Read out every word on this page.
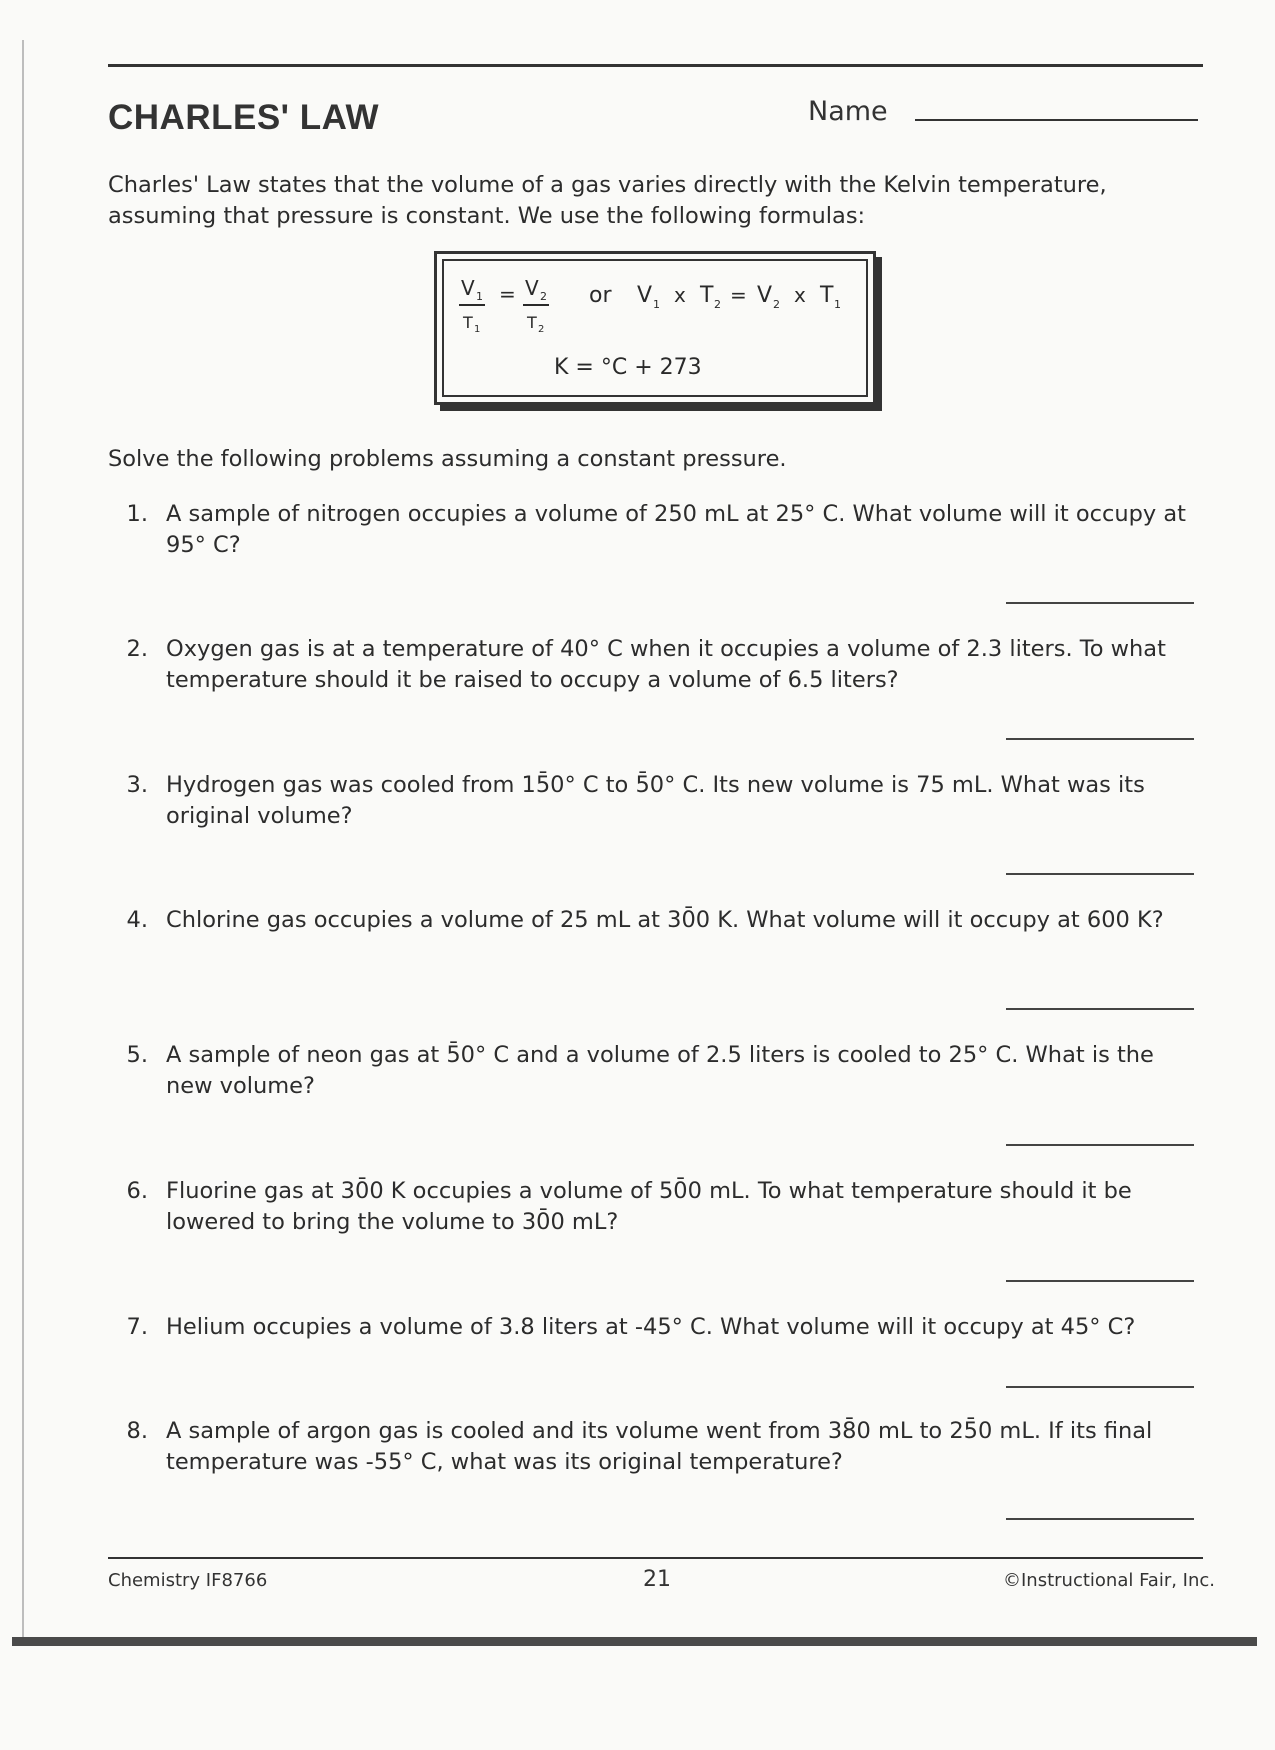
CHARLES' LAW	Name
Charles' Law states that the volume of a gas varies directly with the Kelvin temperature, assuming that pressure is constant. We use the following formulas:
V 1
T 1
= V 2
T 2
or V 1 x T 2 = V 2 x T 1
K = °C + 273
Solve the following problems assuming a constant pressure.
1. A sample of nitrogen occupies a volume of 250 mL at 25° C. What volume will it occupy at 95° C?
2. Oxygen gas is at a temperature of 40° C when it occupies a volume of 2.3 liters. To what temperature should it be raised to occupy a volume of 6.5 liters?
3. Hydrogen gas was cooled from 15̄0° C to 5̄0° C. Its new volume is 75 mL. What was its original volume?
4. Chlorine gas occupies a volume of 25 mL at 30̄0 K. What volume will it occupy at 600 K?
5. A sample of neon gas at 5̄0° C and a volume of 2.5 liters is cooled to 25° C. What is the new volume?
6. Fluorine gas at 30̄0 K occupies a volume of 50̄0 mL. To what temperature should it be lowered to bring the volume to 30̄0 mL?
7. Helium occupies a volume of 3.8 liters at -45° C. What volume will it occupy at 45° C?
8. A sample of argon gas is cooled and its volume went from 38̄0 mL to 25̄0 mL. If its final temperature was -55° C, what was its original temperature?
Chemistry IF8766	21	©Instructional Fair, Inc.
